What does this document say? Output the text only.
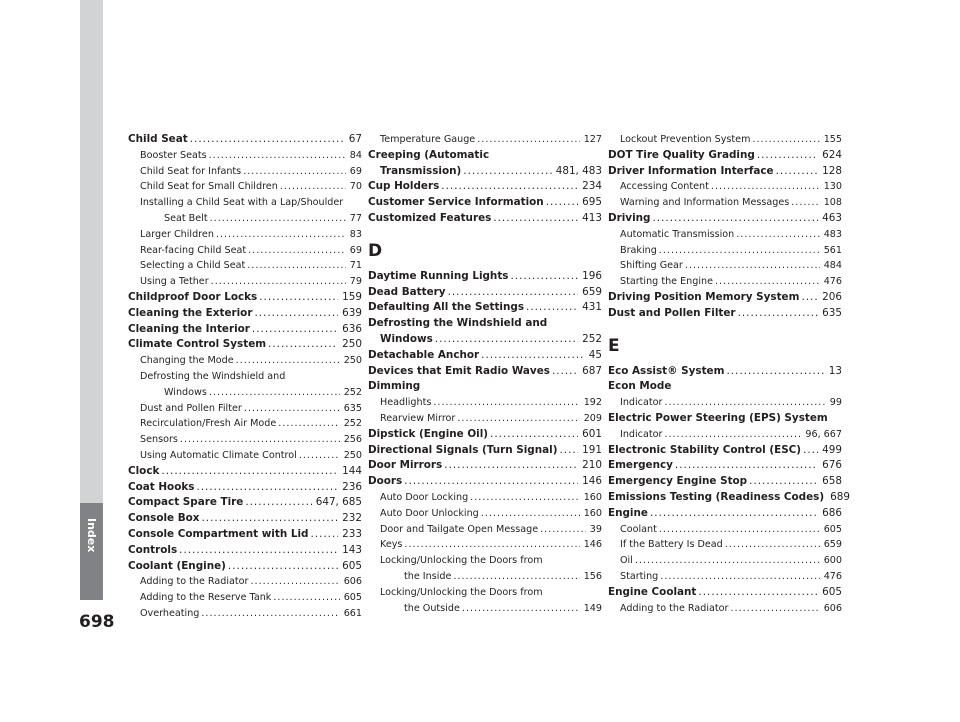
Index
698
Child Seat .....	67
Booster Seats .....	84
Child Seat for Infants .....	69
Child Seat for Small Children .....	70
Installing a Child Seat with a Lap/Shoulder
Seat Belt .....	77
Larger Children .....	83
Rear-facing Child Seat .....	69
Selecting a Child Seat .....	71
Using a Tether .....	79
Childproof Door Locks .....	159
Cleaning the Exterior .....	639
Cleaning the Interior .....	636
Climate Control System .....	250
Changing the Mode .....	250
Defrosting the Windshield and
Windows .....	252
Dust and Pollen Filter .....	635
Recirculation/Fresh Air Mode .....	252
Sensors .....	256
Using Automatic Climate Control .....	250
Clock .....	144
Coat Hooks .....	236
Compact Spare Tire .....	647, 685
Console Box .....	232
Console Compartment with Lid .....	233
Controls .....	143
Coolant (Engine) .....	605
Adding to the Radiator .....	606
Adding to the Reserve Tank .....	605
Overheating .....	661
Temperature Gauge .....	127
Creeping (Automatic
Transmission) .....	481, 483
Cup Holders .....	234
Customer Service Information .....	695
Customized Features .....	413
D
Daytime Running Lights .....	196
Dead Battery .....	659
Defaulting All the Settings .....	431
Defrosting the Windshield and
Windows .....	252
Detachable Anchor .....	45
Devices that Emit Radio Waves .....	687
Dimming
Headlights .....	192
Rearview Mirror .....	209
Dipstick (Engine Oil) .....	601
Directional Signals (Turn Signal) ..... 191
Door Mirrors .....	210
Doors .....	146
Auto Door Locking .....	160
Auto Door Unlocking .....	160
Door and Tailgate Open Message .....	39
Keys .....	146
Locking/Unlocking the Doors from
the Inside .....	156
Locking/Unlocking the Doors from
the Outside .....	149
Lockout Prevention System .....	155
DOT Tire Quality Grading .....	624
Driver Information Interface .....	128
Accessing Content .....	130
Warning and Information Messages .....	108
Driving .....	463
Automatic Transmission .....	483
Braking .....	561
Shifting Gear .....	484
Starting the Engine .....	476
Driving Position Memory System ..... 206
Dust and Pollen Filter .....	635
E
Eco Assist® System .....	13
Econ Mode
Indicator .....	99
Electric Power Steering (EPS) System
Indicator .....	96, 667
Electronic Stability Control (ESC) ..... 499
Emergency .....	676
Emergency Engine Stop .....	658
Emissions Testing (Readiness Codes) 689
Engine .....	686
Coolant .....	605
If the Battery Is Dead .....	659
Oil .....	600
Starting .....	476
Engine Coolant .....	605
Adding to the Radiator .....	606
